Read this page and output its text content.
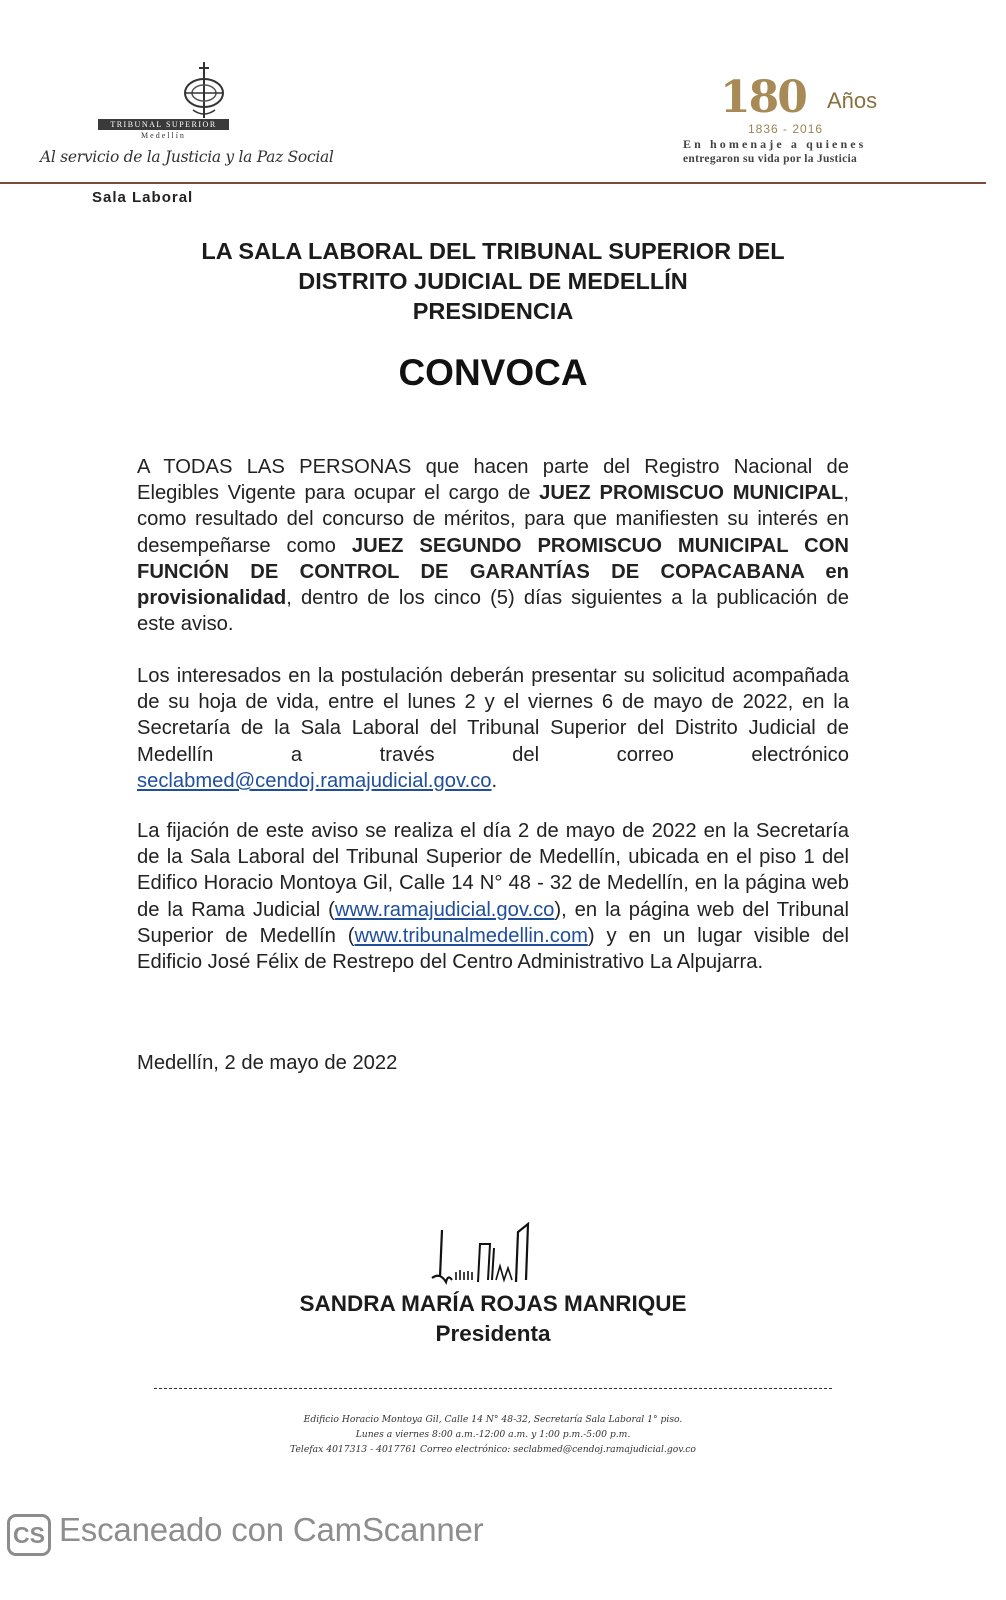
TRIBUNAL SUPERIOR
Medellín
Al servicio de la Justicia y la Paz Social
180 Años
1836 - 2016
En homenaje a quienes
entregaron su vida por la Justicia
Sala Laboral
LA SALA LABORAL DEL TRIBUNAL SUPERIOR DEL
DISTRITO JUDICIAL DE MEDELLÍN
PRESIDENCIA
CONVOCA
A TODAS LAS PERSONAS que hacen parte del Registro Nacional de Elegibles Vigente para ocupar el cargo de JUEZ PROMISCUO MUNICIPAL, como resultado del concurso de méritos, para que manifiesten su interés en desempeñarse como JUEZ SEGUNDO PROMISCUO MUNICIPAL CON FUNCIÓN DE CONTROL DE GARANTÍAS DE COPACABANA en provisionalidad, dentro de los cinco (5) días siguientes a la publicación de este aviso.
Los interesados en la postulación deberán presentar su solicitud acompañada de su hoja de vida, entre el lunes 2 y el viernes 6 de mayo de 2022, en la Secretaría de la Sala Laboral del Tribunal Superior del Distrito Judicial de Medellín a través del correo electrónico seclabmed@cendoj.ramajudicial.gov.co.
La fijación de este aviso se realiza el día 2 de mayo de 2022 en la Secretaría de la Sala Laboral del Tribunal Superior de Medellín, ubicada en el piso 1 del Edifico Horacio Montoya Gil, Calle 14 N° 48 - 32 de Medellín, en la página web de la Rama Judicial (www.ramajudicial.gov.co), en la página web del Tribunal Superior de Medellín (www.tribunalmedellin.com) y en un lugar visible del Edificio José Félix de Restrepo del Centro Administrativo La Alpujarra.
Medellín, 2 de mayo de 2022
SANDRA MARÍA ROJAS MANRIQUE
Presidenta
Edificio Horacio Montoya Gil, Calle 14 N° 48-32, Secretaría Sala Laboral 1° piso.
Lunes a viernes 8:00 a.m.-12:00 a.m. y 1:00 p.m.-5:00 p.m.
Telefax 4017313 - 4017761 Correo electrónico: seclabmed@cendoj.ramajudicial.gov.co
CS Escaneado con CamScanner
